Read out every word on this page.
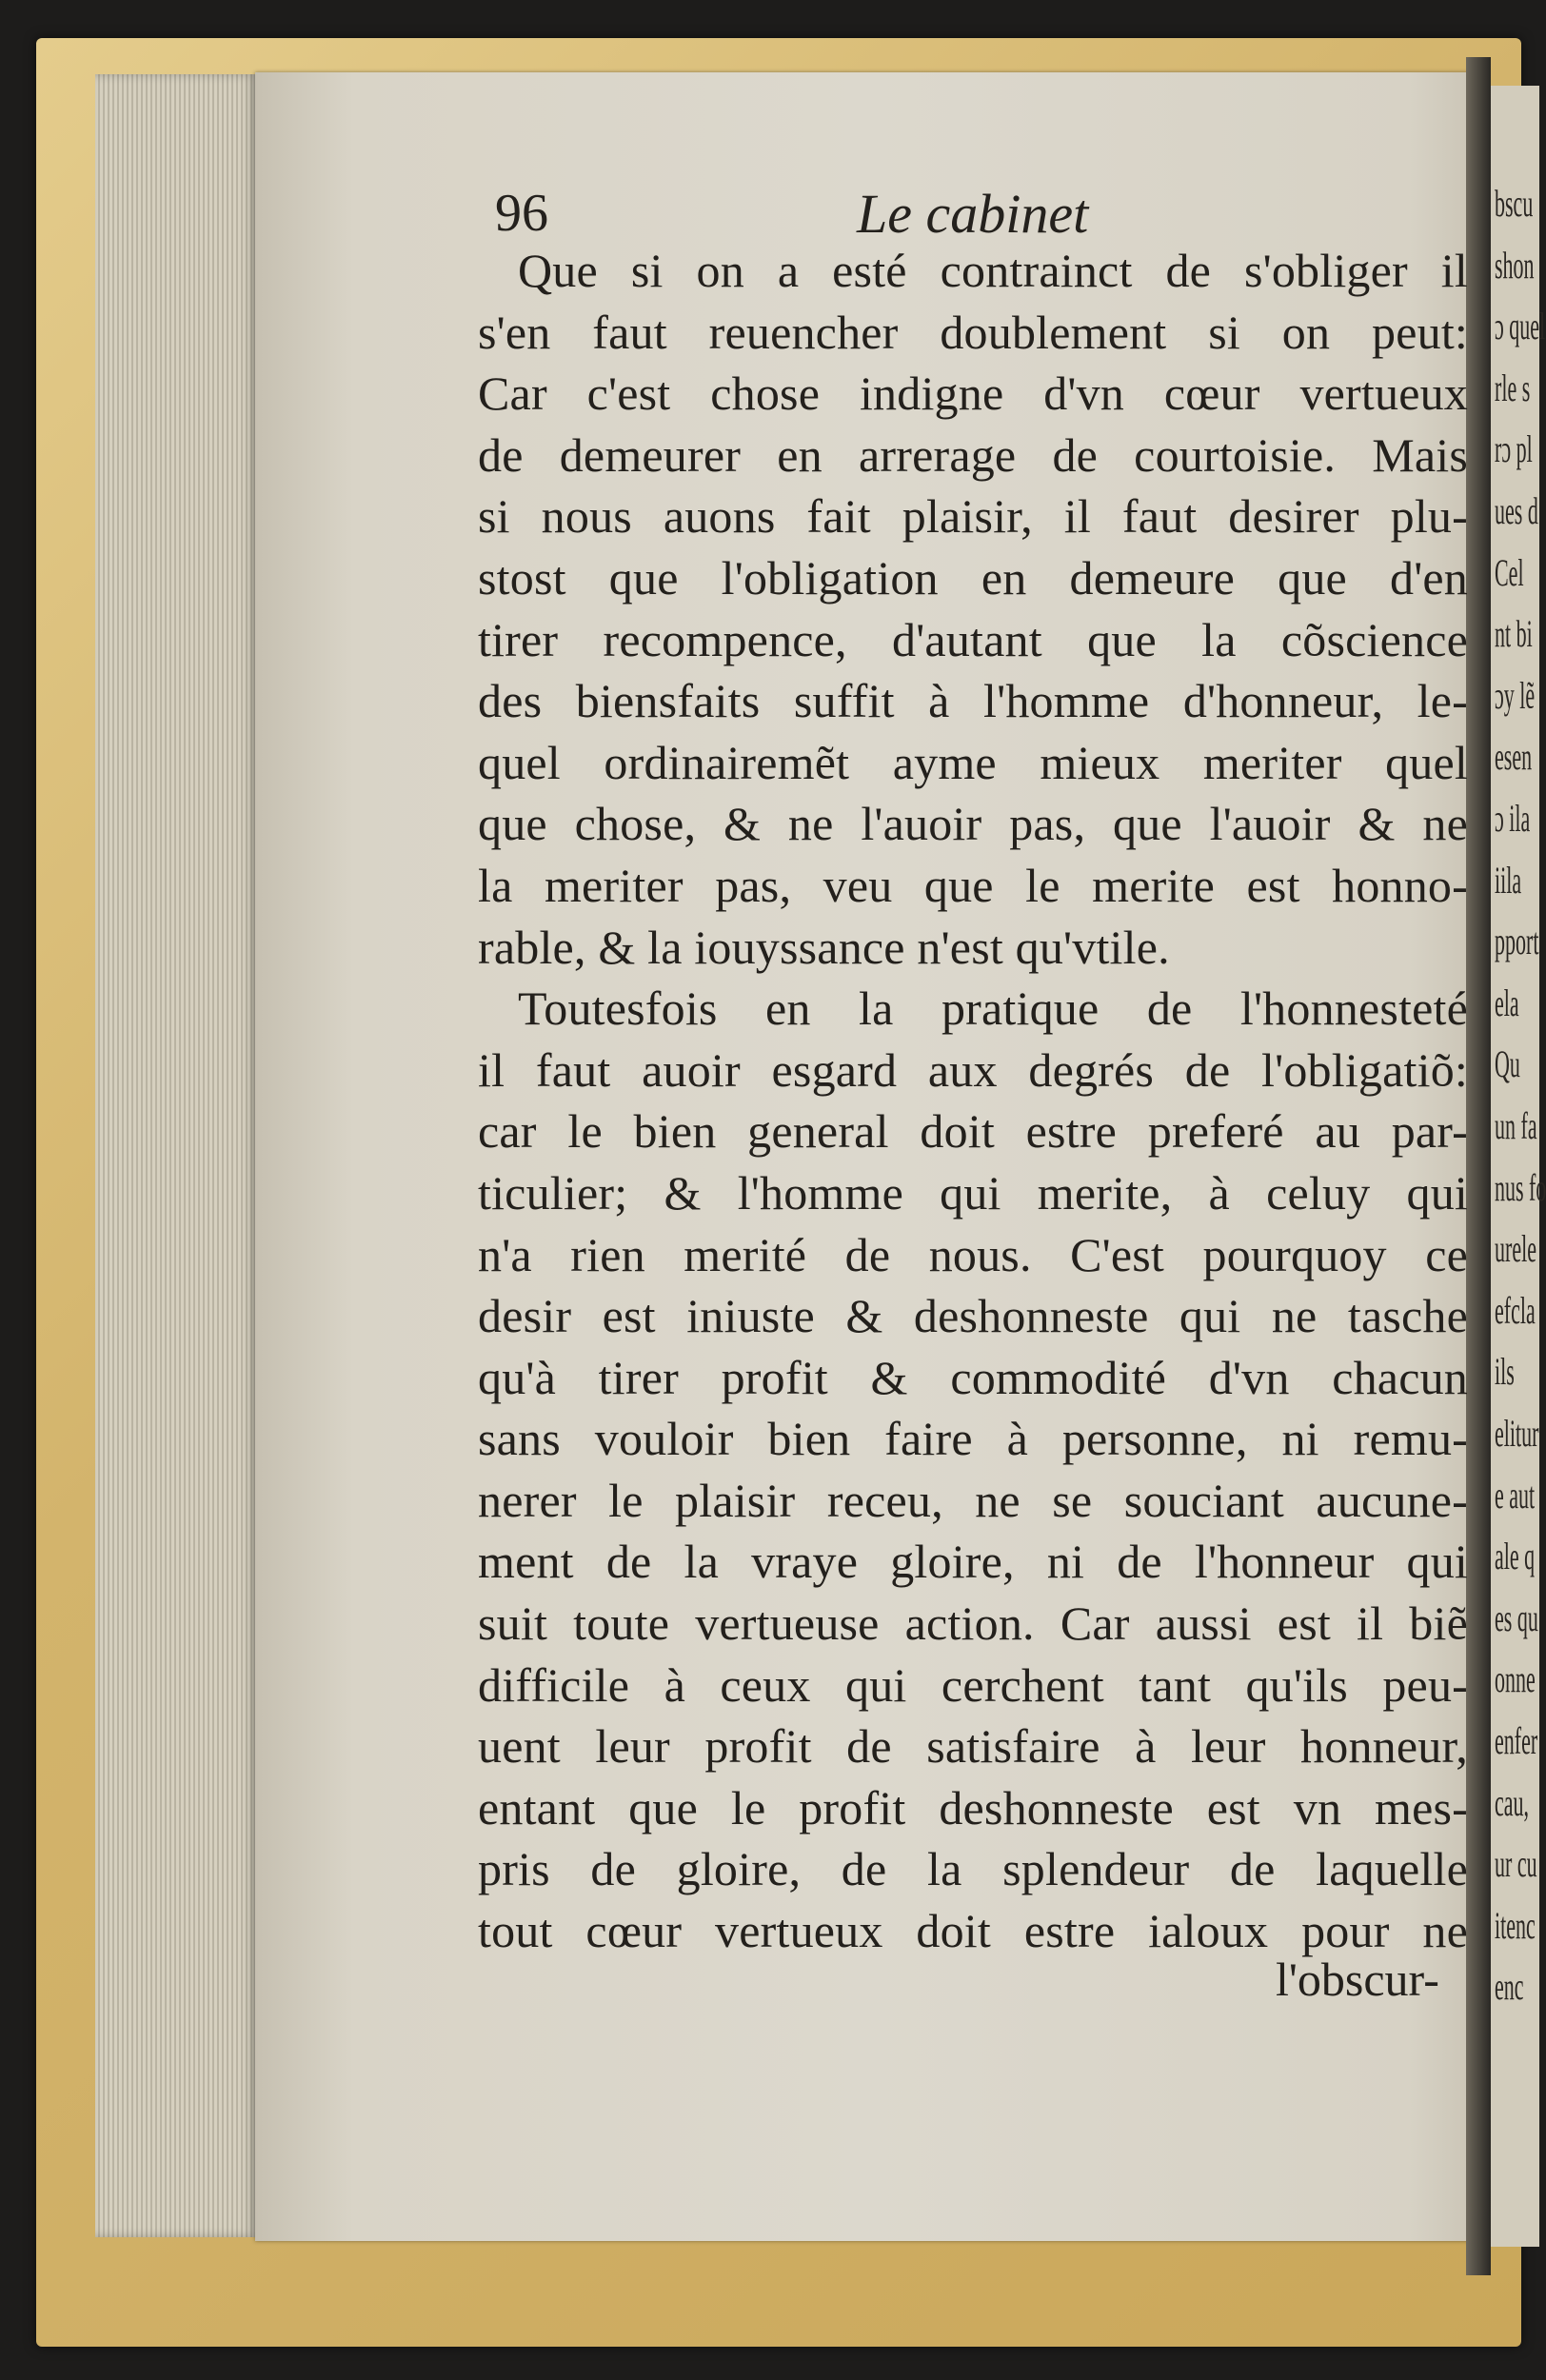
bscu
shon
ɔ quel
rle s
rɔ pl
ues d
Cel
nt bi
ɔy lẽ
esen
ɔ ila
iila
pport
ela
Qu
un fa
nus fo
urele
efcla
ils
elitur
e aut
ale q
es qu
onne
enfer
cau,
ur cu
itenc
enc
96	Le cabinet
Que si on a esté contrainct de s'obliger il
s'en faut reuencher doublement si on peut:
Car c'est chose indigne d'vn cœur vertueux
de demeurer en arrerage de courtoisie. Mais
si nous auons fait plaisir, il faut desirer plu-
stost que l'obligation en demeure que d'en
tirer recompence, d'autant que la cõscience
des biensfaits suffit à l'homme d'honneur, le-
quel ordinairemẽt ayme mieux meriter quel
que chose, & ne l'auoir pas, que l'auoir & ne
la meriter pas, veu que le merite est honno-
rable, & la iouyssance n'est qu'vtile.
Toutesfois en la pratique de l'honnesteté
il faut auoir esgard aux degrés de l'obligatiõ:
car le bien general doit estre preferé au par-
ticulier; & l'homme qui merite, à celuy qui
n'a rien merité de nous. C'est pourquoy ce
desir est iniuste & deshonneste qui ne tasche
qu'à tirer profit & commodité d'vn chacun
sans vouloir bien faire à personne, ni remu-
nerer le plaisir receu, ne se souciant aucune-
ment de la vraye gloire, ni de l'honneur qui
suit toute vertueuse action. Car aussi est il biẽ
difficile à ceux qui cerchent tant qu'ils peu-
uent leur profit de satisfaire à leur honneur,
entant que le profit deshonneste est vn mes-
pris de gloire, de la splendeur de laquelle
tout cœur vertueux doit estre ialoux pour ne
l'obscur-
